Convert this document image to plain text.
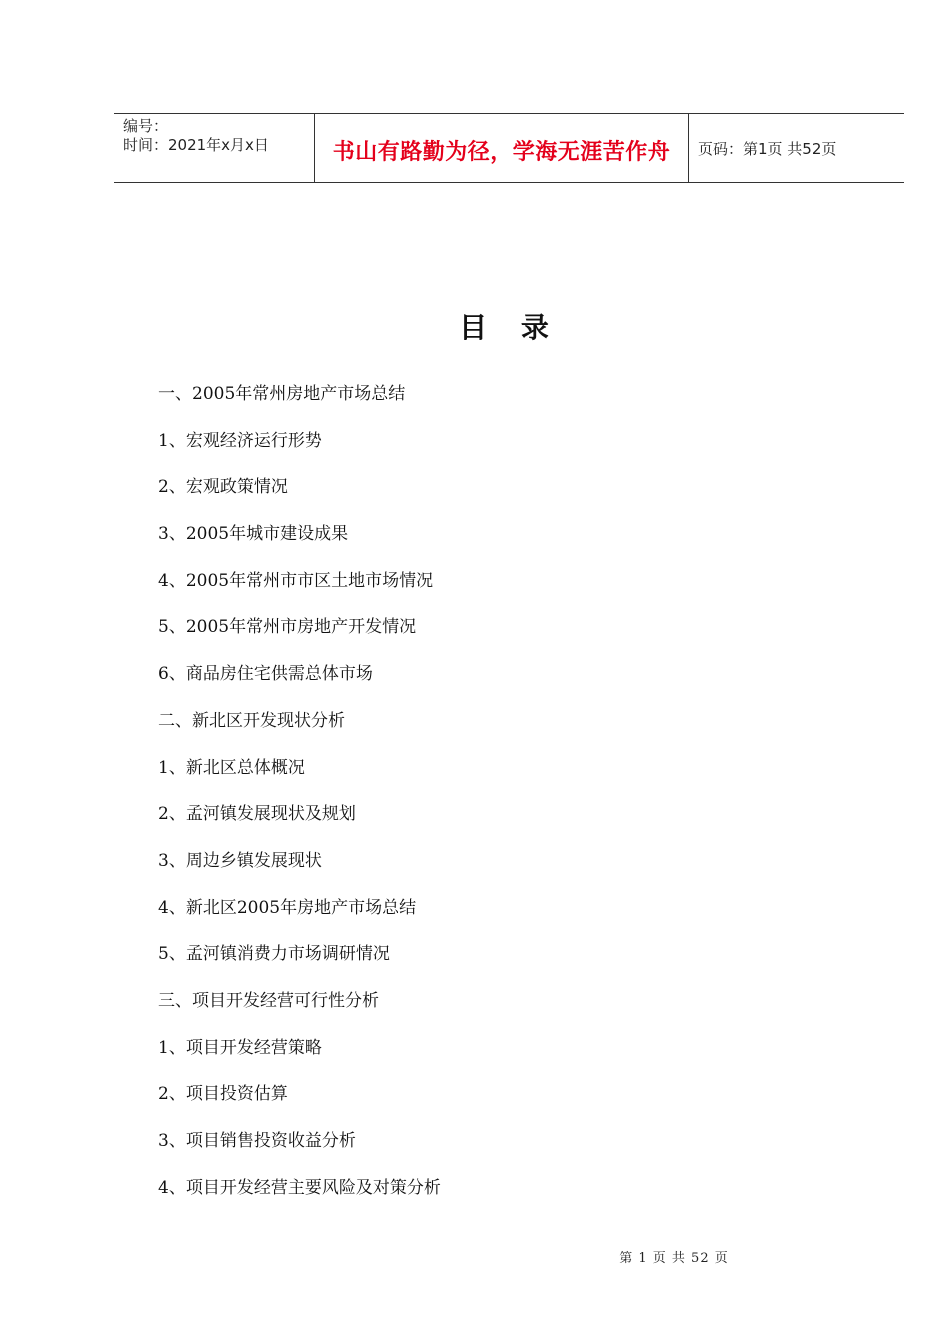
编号：
时间：2021年x月x日	书山有路勤为径，学海无涯苦作舟 页码：第1页 共52页
目 录
一、2005年常州房地产市场总结
1、宏观经济运行形势
2、宏观政策情况
3、2005年城市建设成果
4、2005年常州市市区土地市场情况
5、2005年常州市房地产开发情况
6、商品房住宅供需总体市场
二、新北区开发现状分析
1、新北区总体概况
2、孟河镇发展现状及规划
3、周边乡镇发展现状
4、新北区2005年房地产市场总结
5、孟河镇消费力市场调研情况
三、项目开发经营可行性分析
1、项目开发经营策略
2、项目投资估算
3、项目销售投资收益分析
4、项目开发经营主要风险及对策分析
第 1 页 共 52 页
